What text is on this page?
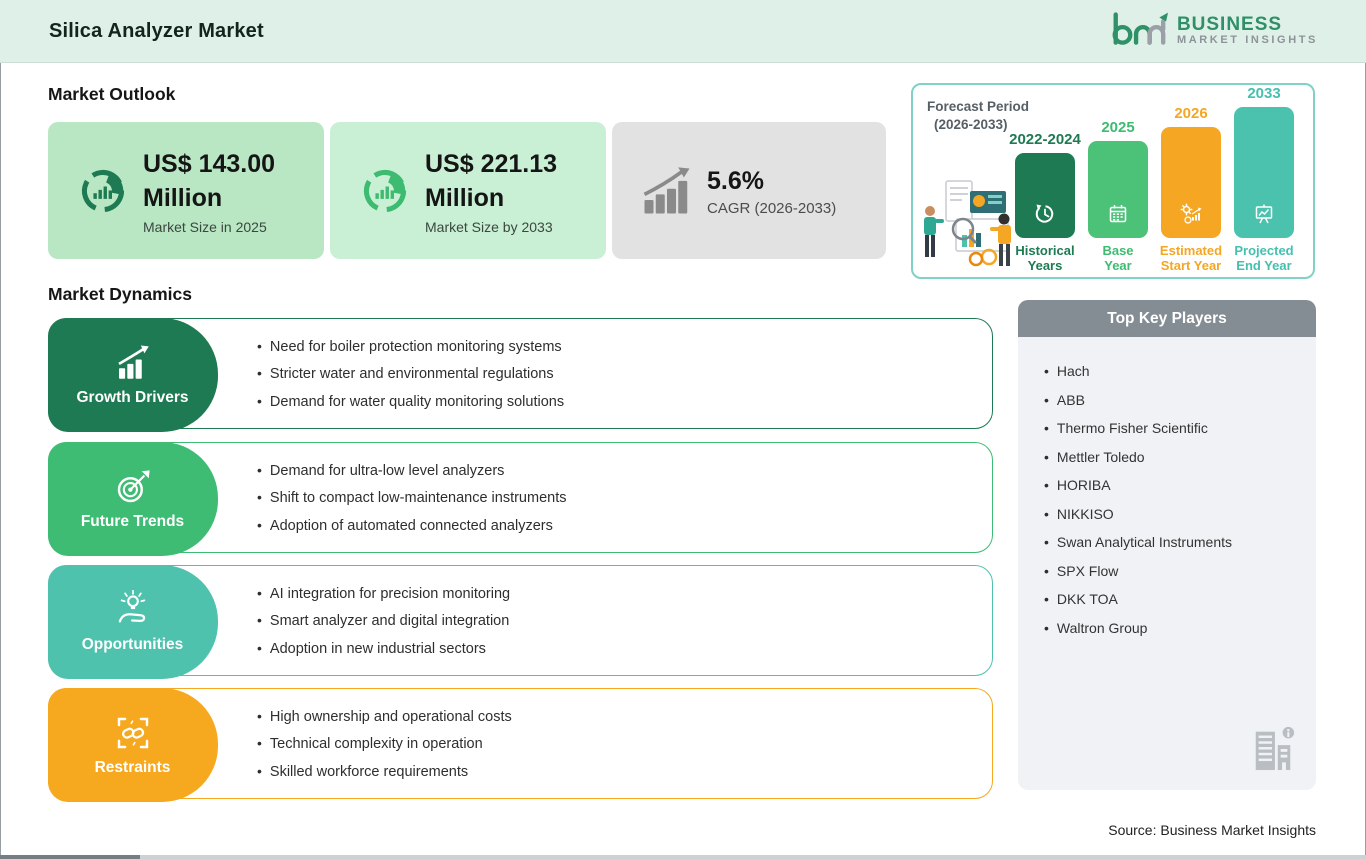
Silica Analyzer Market	BUSINESS
MARKET INSIGHTS
Market Outlook
US$ 143.00
Million
Market Size in 2025
US$ 221.13
Million
Market Size by 2033
5.6%
CAGR (2026-2033)
Forecast Period
(2026-2033)
2022-2024
Historical
Years
2025
Base
Year
2026
Estimated
Start Year
2033
Projected
End Year
Market Dynamics
Growth Drivers
• Need for boiler protection monitoring systems
• Stricter water and environmental regulations
• Demand for water quality monitoring solutions
Future Trends
• Demand for ultra-low level analyzers
• Shift to compact low-maintenance instruments
• Adoption of automated connected analyzers
Opportunities
• AI integration for precision monitoring
• Smart analyzer and digital integration
• Adoption in new industrial sectors
Restraints
• High ownership and operational costs
• Technical complexity in operation
• Skilled workforce requirements
Top Key Players
• Hach
• ABB
• Thermo Fisher Scientific
• Mettler Toledo
• HORIBA
• NIKKISO
• Swan Analytical Instruments
• SPX Flow
• DKK TOA
• Waltron Group
Source: Business Market Insights
